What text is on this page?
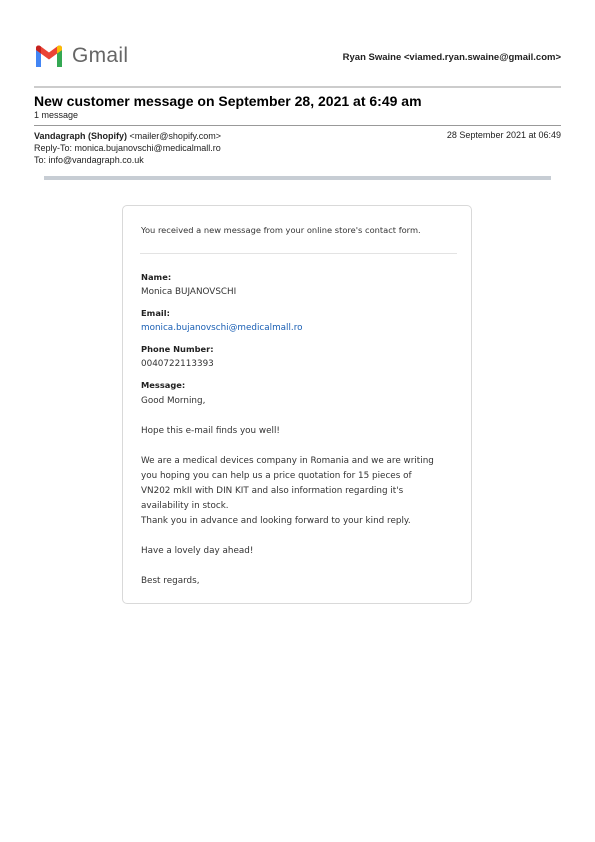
Gmail	Ryan Swaine <viamed.ryan.swaine@gmail.com>
New customer message on September 28, 2021 at 6:49 am
1 message
Vandagraph (Shopify) <mailer@shopify.com>
Reply-To: monica.bujanovschi@medicalmall.ro
To: info@vandagraph.co.uk
28 September 2021 at 06:49
You received a new message from your online store's contact form.
Name:
Monica BUJANOVSCHI
Email:
monica.bujanovschi@medicalmall.ro
Phone Number:
0040722113393
Message:

Good Morning,

Hope this e-mail finds you well!

We are a medical devices company in Romania and we are writing you hoping you can help us a price quotation for 15 pieces of VN202 mkII with DIN KIT and also information regarding it's availability in stock.

Thank you in advance and looking forward to your kind reply.

Have a lovely day ahead!

Best regards,
